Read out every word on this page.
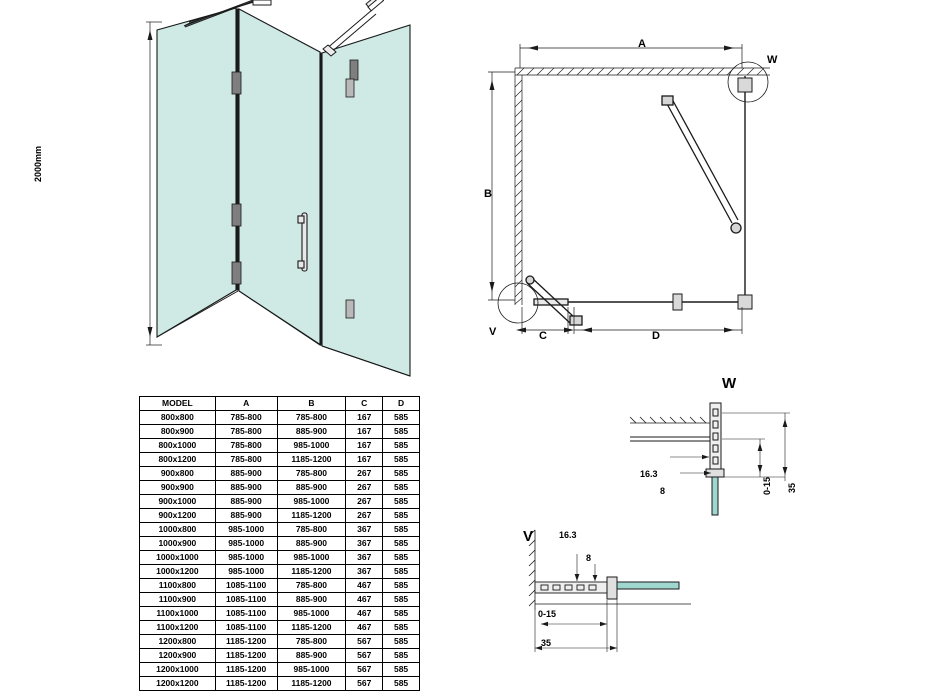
2000mm
A
B
C	D
W
V
W
16.3
8	0-15 35
V	16.3
8
0-15
35
MODEL	A	B	C	D
800x800	785-800	785-800	167	585
800x900	785-800	885-900	167	585
800x1000	785-800	985-1000	167	585
800x1200	785-800	1185-1200	167	585
900x800	885-900	785-800	267	585
900x900	885-900	885-900	267	585
900x1000	885-900	985-1000	267	585
900x1200	885-900	1185-1200	267	585
1000x800	985-1000	785-800	367	585
1000x900	985-1000	885-900	367	585
1000x1000	985-1000	985-1000	367	585
1000x1200	985-1000	1185-1200	367	585
1100x800	1085-1100	785-800	467	585
1100x900	1085-1100	885-900	467	585
1100x1000	1085-1100	985-1000	467	585
1100x1200	1085-1100	1185-1200	467	585
1200x800	1185-1200	785-800	567	585
1200x900	1185-1200	885-900	567	585
1200x1000	1185-1200	985-1000	567	585
1200x1200	1185-1200	1185-1200	567	585
